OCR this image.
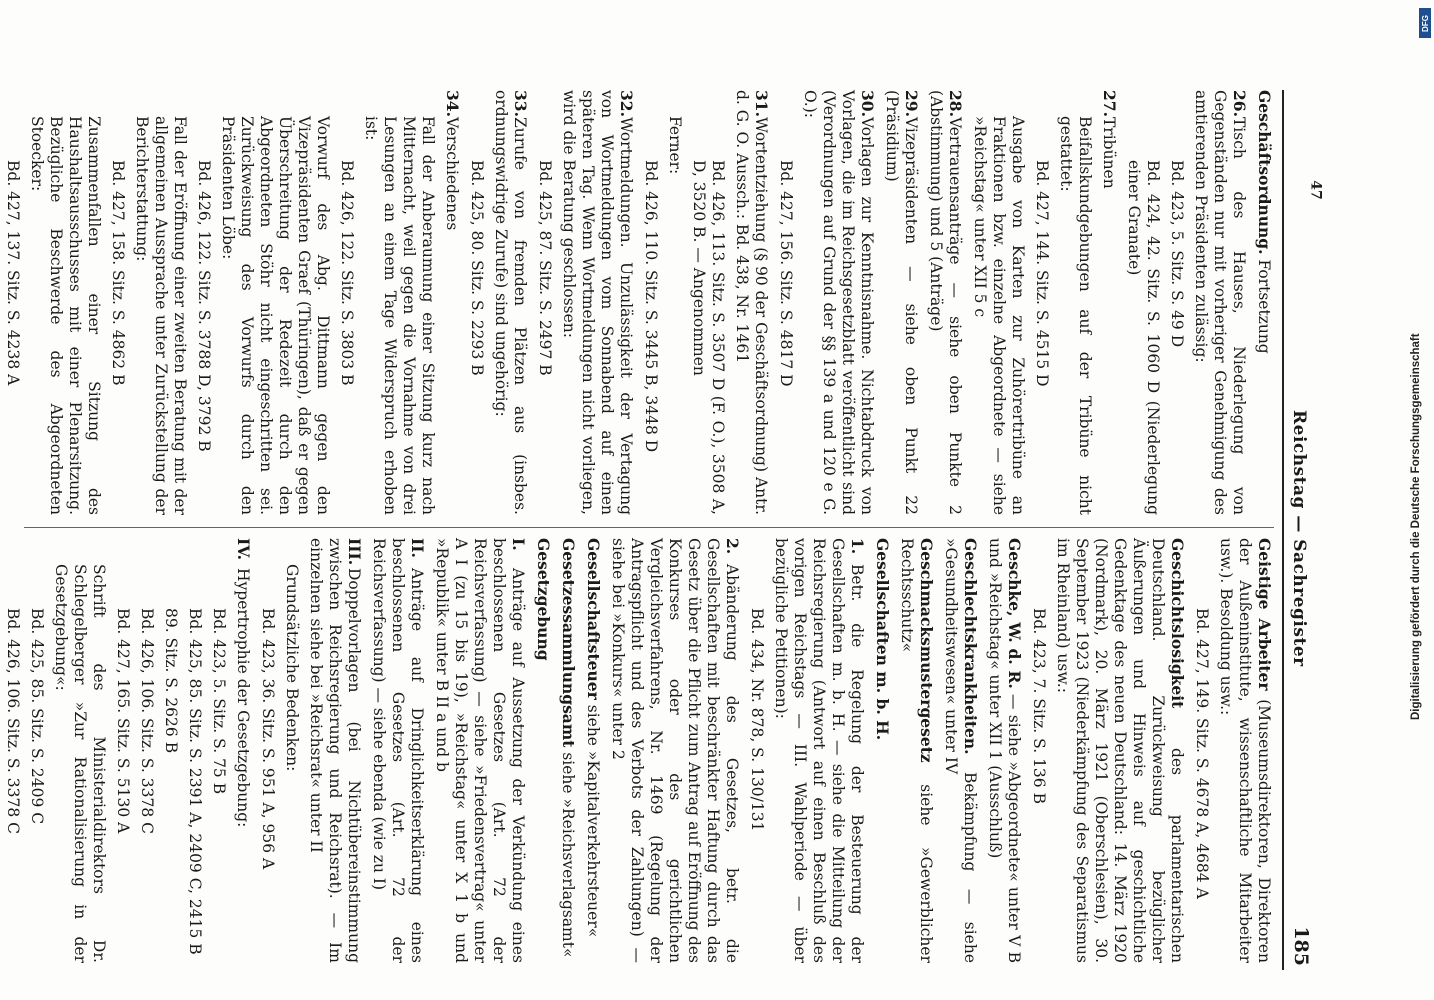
Reichstag — Sachregister
185
Geschäftsordnung. Fortsetzung
26.Tisch des Hauses, Niederlegung von Gegenständen nur mit vorheriger Genehmigung des amtierenden Präsidenten zulässig:
Bd. 423, 5. Sitz. S. 49 D
Bd. 424, 42. Sitz. S. 1060 D (Niederlegung einer Granate)
27.Tribünen
Beifallskundgebungen auf der Tribüne nicht gestattet:
Bd. 427, 144. Sitz. S. 4515 D
Ausgabe von Karten zur Zuhörertribüne an Fraktionen bzw. einzelne Abgeordnete — siehe »Reichstag« unter XII 5 c
28.Vertrauensanträge — siehe oben Punkte 2 (Abstimmung) und 5 (Anträge)
29.Vizepräsidenten — siehe oben Punkt 22 (Präsidium)
30.Vorlagen zur Kenntnisnahme. Nichtabdruck von Vorlagen, die im Reichsgesetzblatt veröffentlicht sind (Verordnungen auf Grund der §§ 139 a und 120 e G. O.):
Bd. 427, 156. Sitz. S. 4817 D
31.Wortentziehung (§ 90 der Geschäftsordnung) Antr. d. G. O. Aussch.: Bd. 438, Nr. 1461
Bd. 426, 113. Sitz. S. 3507 D (F. O.), 3508 A, D, 3520 B. — Angenommen
Ferner:
Bd. 426, 110. Sitz. S. 3445 B, 3448 D
32.Wortmeldungen. Unzulässigkeit der Vertagung von Wortmeldungen vom Sonnabend auf einen späteren Tag. Wenn Wortmeldungen nicht vorliegen, wird die Beratung geschlossen:
Bd. 425, 87. Sitz. S. 2497 B
33.Zurufe von fremden Plätzen aus (insbes. ordnungswidrige Zurufe) sind ungehörig:
Bd. 425, 80. Sitz. S. 2293 B
34.Verschiedenes
Fall der Anberaumung einer Sitzung kurz nach Mitternacht, weil gegen die Vornahme von drei Lesungen an einem Tage Widerspruch erhoben ist:
Bd. 426, 122. Sitz. S. 3803 B
Vorwurf des Abg. Dittmann gegen den Vizepräsidenten Graef (Thüringen), daß er gegen Überschreitung der Redezeit durch den Abgeordneten Stöhr nicht eingeschritten sei. Zurückweisung des Vorwurfs durch den Präsidenten Löbe:
Bd. 426, 122. Sitz. S. 3788 D, 3792 B
Fall der Eröffnung einer zweiten Beratung mit der allgemeinen Aussprache unter Zurückstellung der Berichterstattung:
Bd. 427, 158. Sitz. S. 4862 B
Zusammenfallen einer Sitzung des Haushaltsausschusses mit einer Plenarsitzung. Bezügliche Beschwerde des Abgeordneten Stoecker:
Bd. 427, 137. Sitz. S. 4238 A
Geistige Arbeiter (Museumsdirektoren, Direktoren der Außeninstitute, wissenschaftliche Mitarbeiter usw.). Besoldung usw.:
Bd. 427, 149. Sitz. S. 4678 A, 4684 A
Geschichtslosigkeit des parlamentarischen Deutschland. Zurückweisung bezüglicher Äußerungen und Hinweis auf geschichtliche Gedenktage des neuen Deutschland: 14. März 1920 (Nordmark), 20. März 1921 (Oberschlesien), 30. September 1923 (Niederkämpfung des Separatismus im Rheinland) usw.:
Bd. 423, 7. Sitz. S. 136 B
Geschke, W. d. R. — siehe »Abgeordnete« unter V B und »Reichstag« unter XII 1 (Ausschluß)
Geschlechtskrankheiten. Bekämpfung — siehe »Gesundheitswesen« unter IV
Geschmacksmustergesetz siehe »Gewerblicher Rechtsschutz«
Gesellschaften m. b. H.
1.Betr. die Regelung der Besteuerung der Gesellschaften m. b. H. — siehe die Mitteilung der Reichsregierung (Antwort auf einen Beschluß des vorigen Reichstags — III. Wahlperiode — über bezügliche Petitionen):
Bd. 434, Nr. 878, S. 130/131
2.Abänderung des Gesetzes, betr. die Gesellschaften mit beschränkter Haftung durch das Gesetz über die Pflicht zum Antrag auf Eröffnung des Konkurses oder des gerichtlichen Vergleichsverfahrens, Nr. 1469 (Regelung der Antragspflicht und des Verbots der Zahlungen) — siehe bei »Konkurs« unter 2
Gesellschaftsteuer siehe »Kapitalverkehrsteuer«
Gesetzessammlungsamt siehe »Reichsverlagsamt«
Gesetzgebung
I.Anträge auf Aussetzung der Verkündung eines beschlossenen Gesetzes (Art. 72 der Reichsverfassung) — siehe »Friedensvertrag« unter A I (zu 15 bis 19), »Reichstag« unter X 1 b und »Republik« unter B II a und b
II.Anträge auf Dringlichkeitserklärung eines beschlossenen Gesetzes (Art. 72 der Reichsverfassung) — siehe ebenda (wie zu I)
III.Doppelvorlagen (bei Nichtübereinstimmung zwischen Reichsregierung und Reichsrat). — Im einzelnen siehe bei »Reichsrat« unter II
Grundsätzliche Bedenken:
Bd. 423, 36. Sitz. S. 951 A, 956 A
IV.Hypertrophie der Gesetzgebung:
Bd. 423, 5. Sitz. S. 75 B
Bd. 425, 85. Sitz. S. 2391 A, 2409 C, 2415 B
89. Sitz. S. 2626 B
Bd. 426, 106. Sitz. S. 3378 C
Bd. 427, 165. Sitz. S. 5130 A
Schrift des Ministerialdirektors Dr. Schlegelberger »Zur Rationalisierung in der Gesetzgebung«:
Bd. 425, 85. Sitz. S. 2409 C
Bd. 426, 106. Sitz. S. 3378 C
Digitalisierung gefördert durch die Deutsche Forschungsgemeinschaft
DFG
47
